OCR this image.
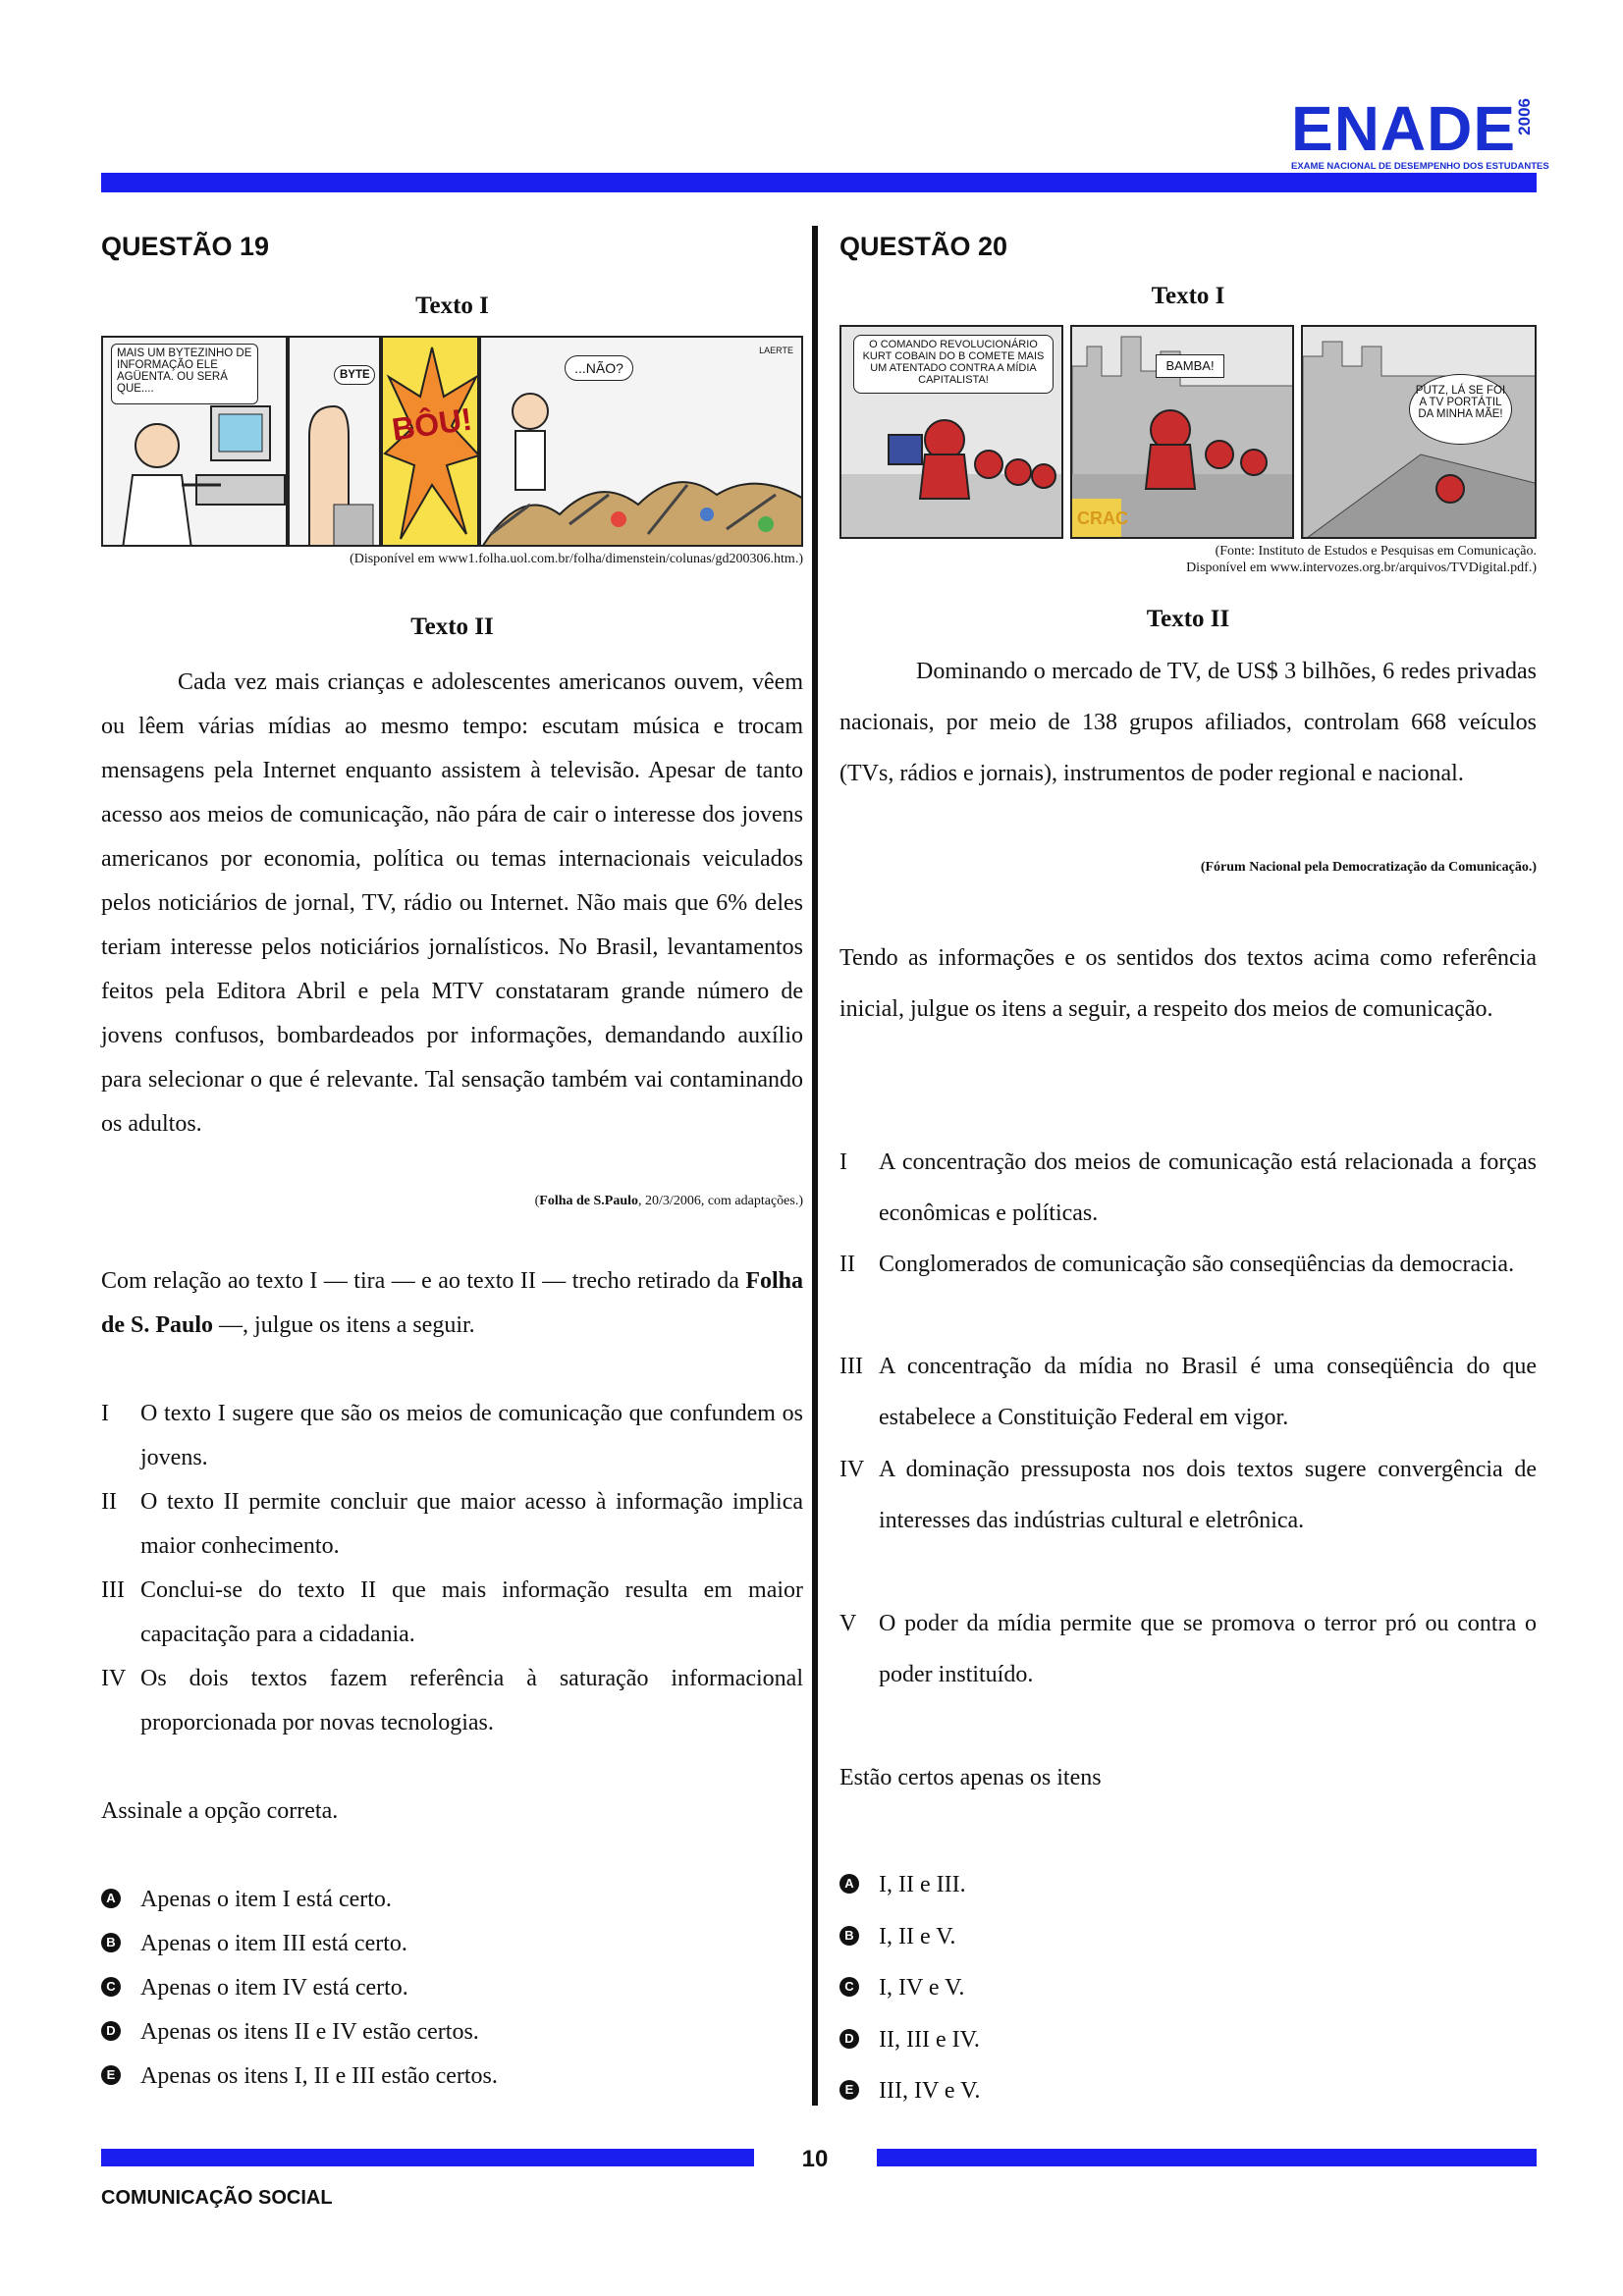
ENADE
2006
EXAME NACIONAL DE DESEMPENHO DOS ESTUDANTES
QUESTÃO 19
Texto I
MAIS UM BYTEZINHO DE INFORMAÇÃO ELE AGÜENTA. OU SERÁ QUE....
BYTE
BÔU!
...NÃO?
LAERTE
(Disponível em www1.folha.uol.com.br/folha/dimenstein/colunas/gd200306.htm.)
Texto II
Cada vez mais crianças e adolescentes americanos ouvem, vêem ou lêem várias mídias ao mesmo tempo: escutam música e trocam mensagens pela Internet enquanto assistem à televisão. Apesar de tanto acesso aos meios de comunicação, não pára de cair o interesse dos jovens americanos por economia, política ou temas internacionais veiculados pelos noticiários de jornal, TV, rádio ou Internet. Não mais que 6% deles teriam interesse pelos noticiários jornalísticos. No Brasil, levantamentos feitos pela Editora Abril e pela MTV constataram grande número de jovens confusos, bombardeados por informações, demandando auxílio para selecionar o que é relevante. Tal sensação também vai contaminando os adultos.
(Folha de S.Paulo, 20/3/2006, com adaptações.)
Com relação ao texto I — tira — e ao texto II — trecho retirado da Folha de S. Paulo —, julgue os itens a seguir.
I O texto I sugere que são os meios de comunicação que confundem os jovens.
II O texto II permite concluir que maior acesso à informação implica maior conhecimento.
III Conclui-se do texto II que mais informação resulta em maior capacitação para a cidadania.
IV Os dois textos fazem referência à saturação informacional proporcionada por novas tecnologias.
Assinale a opção correta.
A Apenas o item I está certo.
B Apenas o item III está certo.
C Apenas o item IV está certo.
D Apenas os itens II e IV estão certos.
E Apenas os itens I, II e III estão certos.
QUESTÃO 20
Texto I
O COMANDO REVOLUCIONÁRIO KURT COBAIN DO B COMETE MAIS UM ATENTADO CONTRA A MÍDIA CAPITALISTA!
BAMBA!
CRAC
PUTZ, LÁ SE FOI A TV PORTÁTIL DA MINHA MÃE!
(Fonte: Instituto de Estudos e Pesquisas em Comunicação.
Disponível em www.intervozes.org.br/arquivos/TVDigital.pdf.)
Texto II
Dominando o mercado de TV, de US$ 3 bilhões, 6 redes privadas nacionais, por meio de 138 grupos afiliados, controlam 668 veículos (TVs, rádios e jornais), instrumentos de poder regional e nacional.
(Fórum Nacional pela Democratização da Comunicação.)
Tendo as informações e os sentidos dos textos acima como referência inicial, julgue os itens a seguir, a respeito dos meios de comunicação.
I A concentração dos meios de comunicação está relacionada a forças econômicas e políticas.
II Conglomerados de comunicação são conseqüências da democracia.
III A concentração da mídia no Brasil é uma conseqüência do que estabelece a Constituição Federal em vigor.
IV A dominação pressuposta nos dois textos sugere convergência de interesses das indústrias cultural e eletrônica.
V O poder da mídia permite que se promova o terror pró ou contra o poder instituído.
Estão certos apenas os itens
A I, II e III.
B I, II e V.
C I, IV e V.
D II, III e IV.
E III, IV e V.
10
COMUNICAÇÃO SOCIAL
